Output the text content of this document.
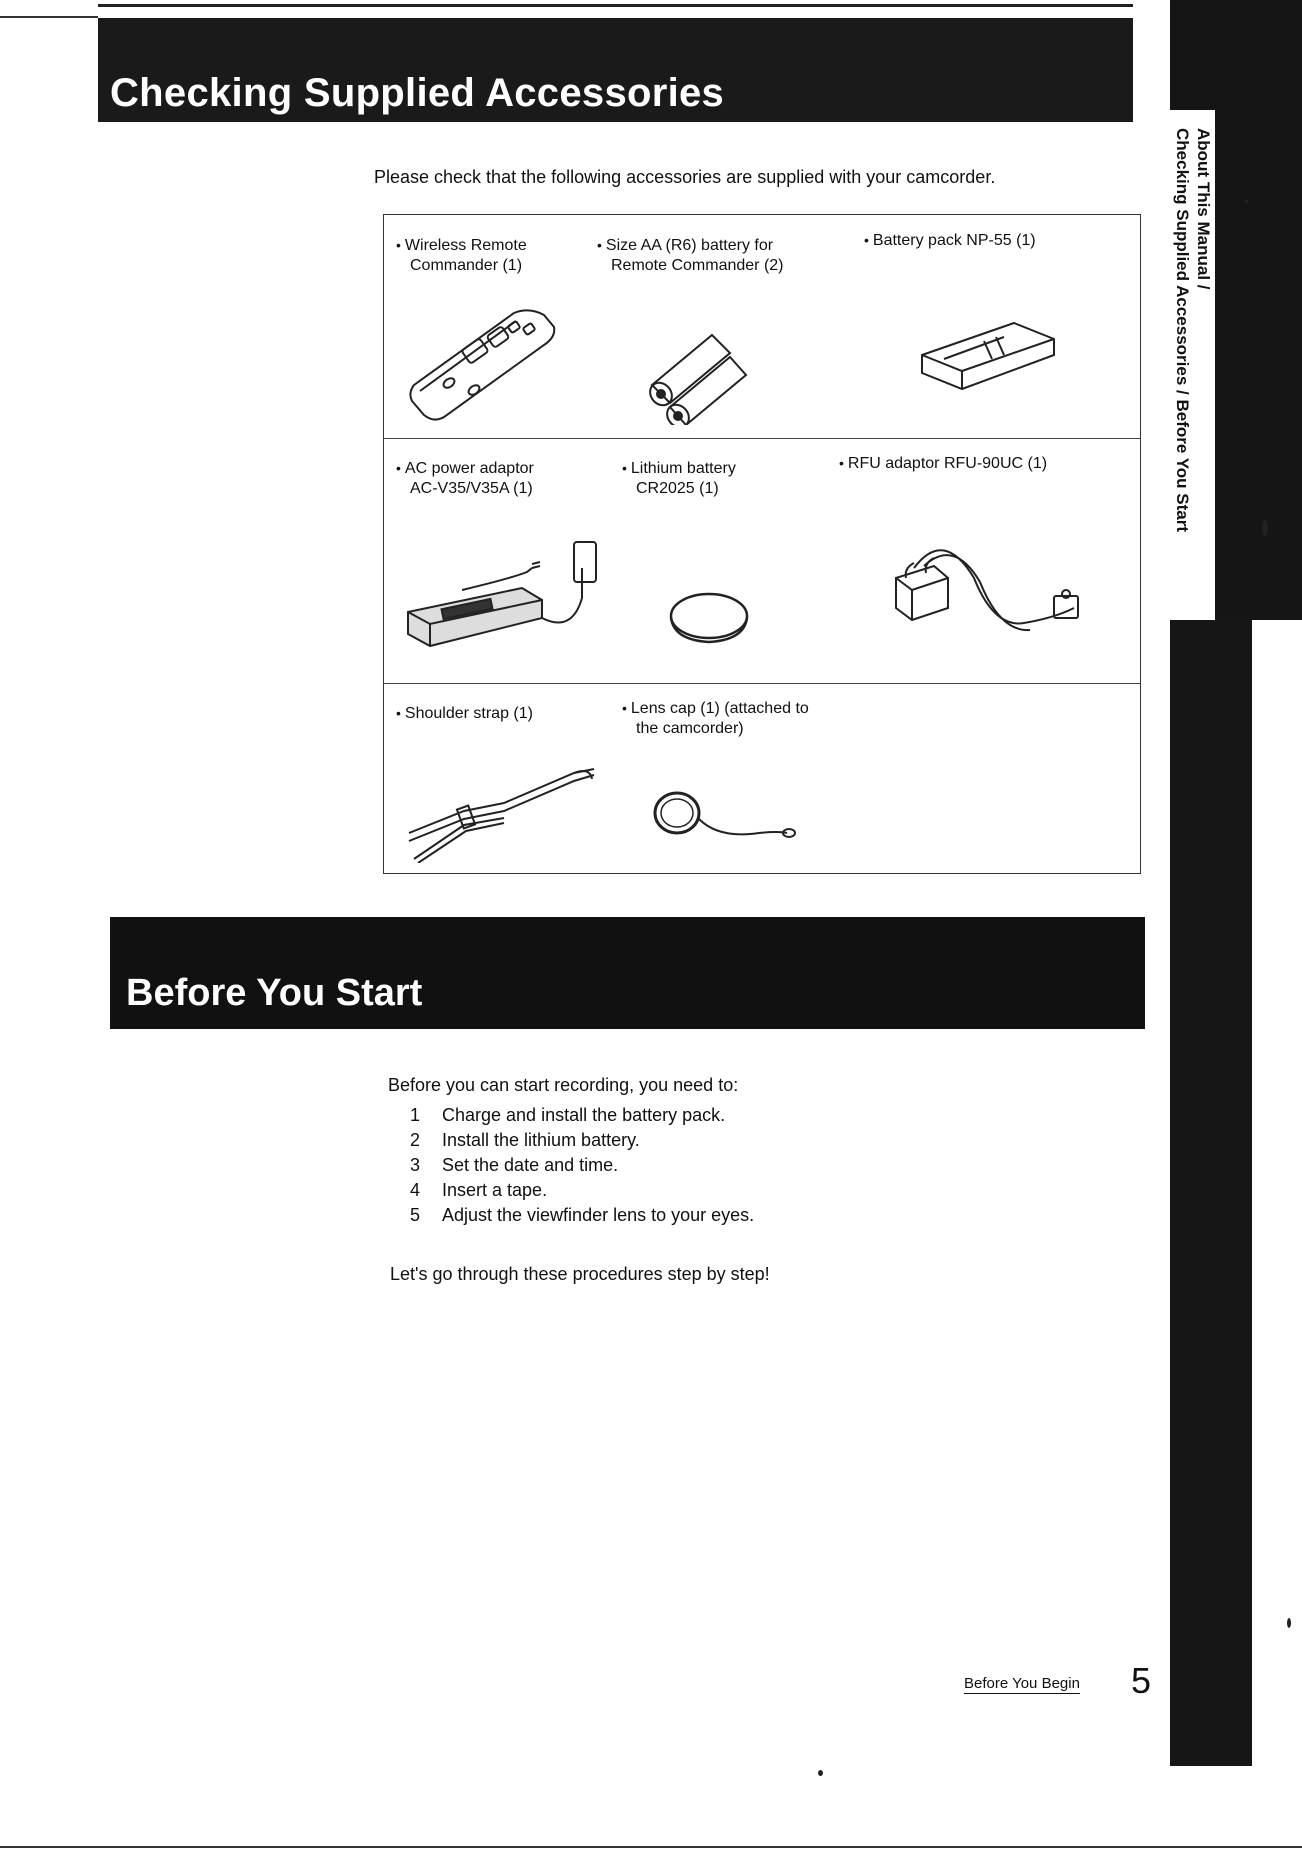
Checking Supplied Accessories
About This Manual /
Checking Supplied Accessories / Before You Start
Please check that the following accessories are supplied with your camcorder.
• Wireless Remote
Commander (1)
• Size AA (R6) battery for
Remote Commander (2)
• Battery pack NP-55 (1)
• AC power adaptor
AC-V35/V35A (1)
• Lithium battery
CR2025 (1)
• RFU adaptor RFU-90UC (1)
• Shoulder strap (1)	• Lens cap (1) (attached to
the camcorder)
Before You Start
Before you can start recording, you need to:
1 Charge and install the battery pack.
2 Install the lithium battery.
3 Set the date and time.
4 Insert a tape.
5 Adjust the viewfinder lens to your eyes.
Let's go through these procedures step by step!
Before You Begin 5
